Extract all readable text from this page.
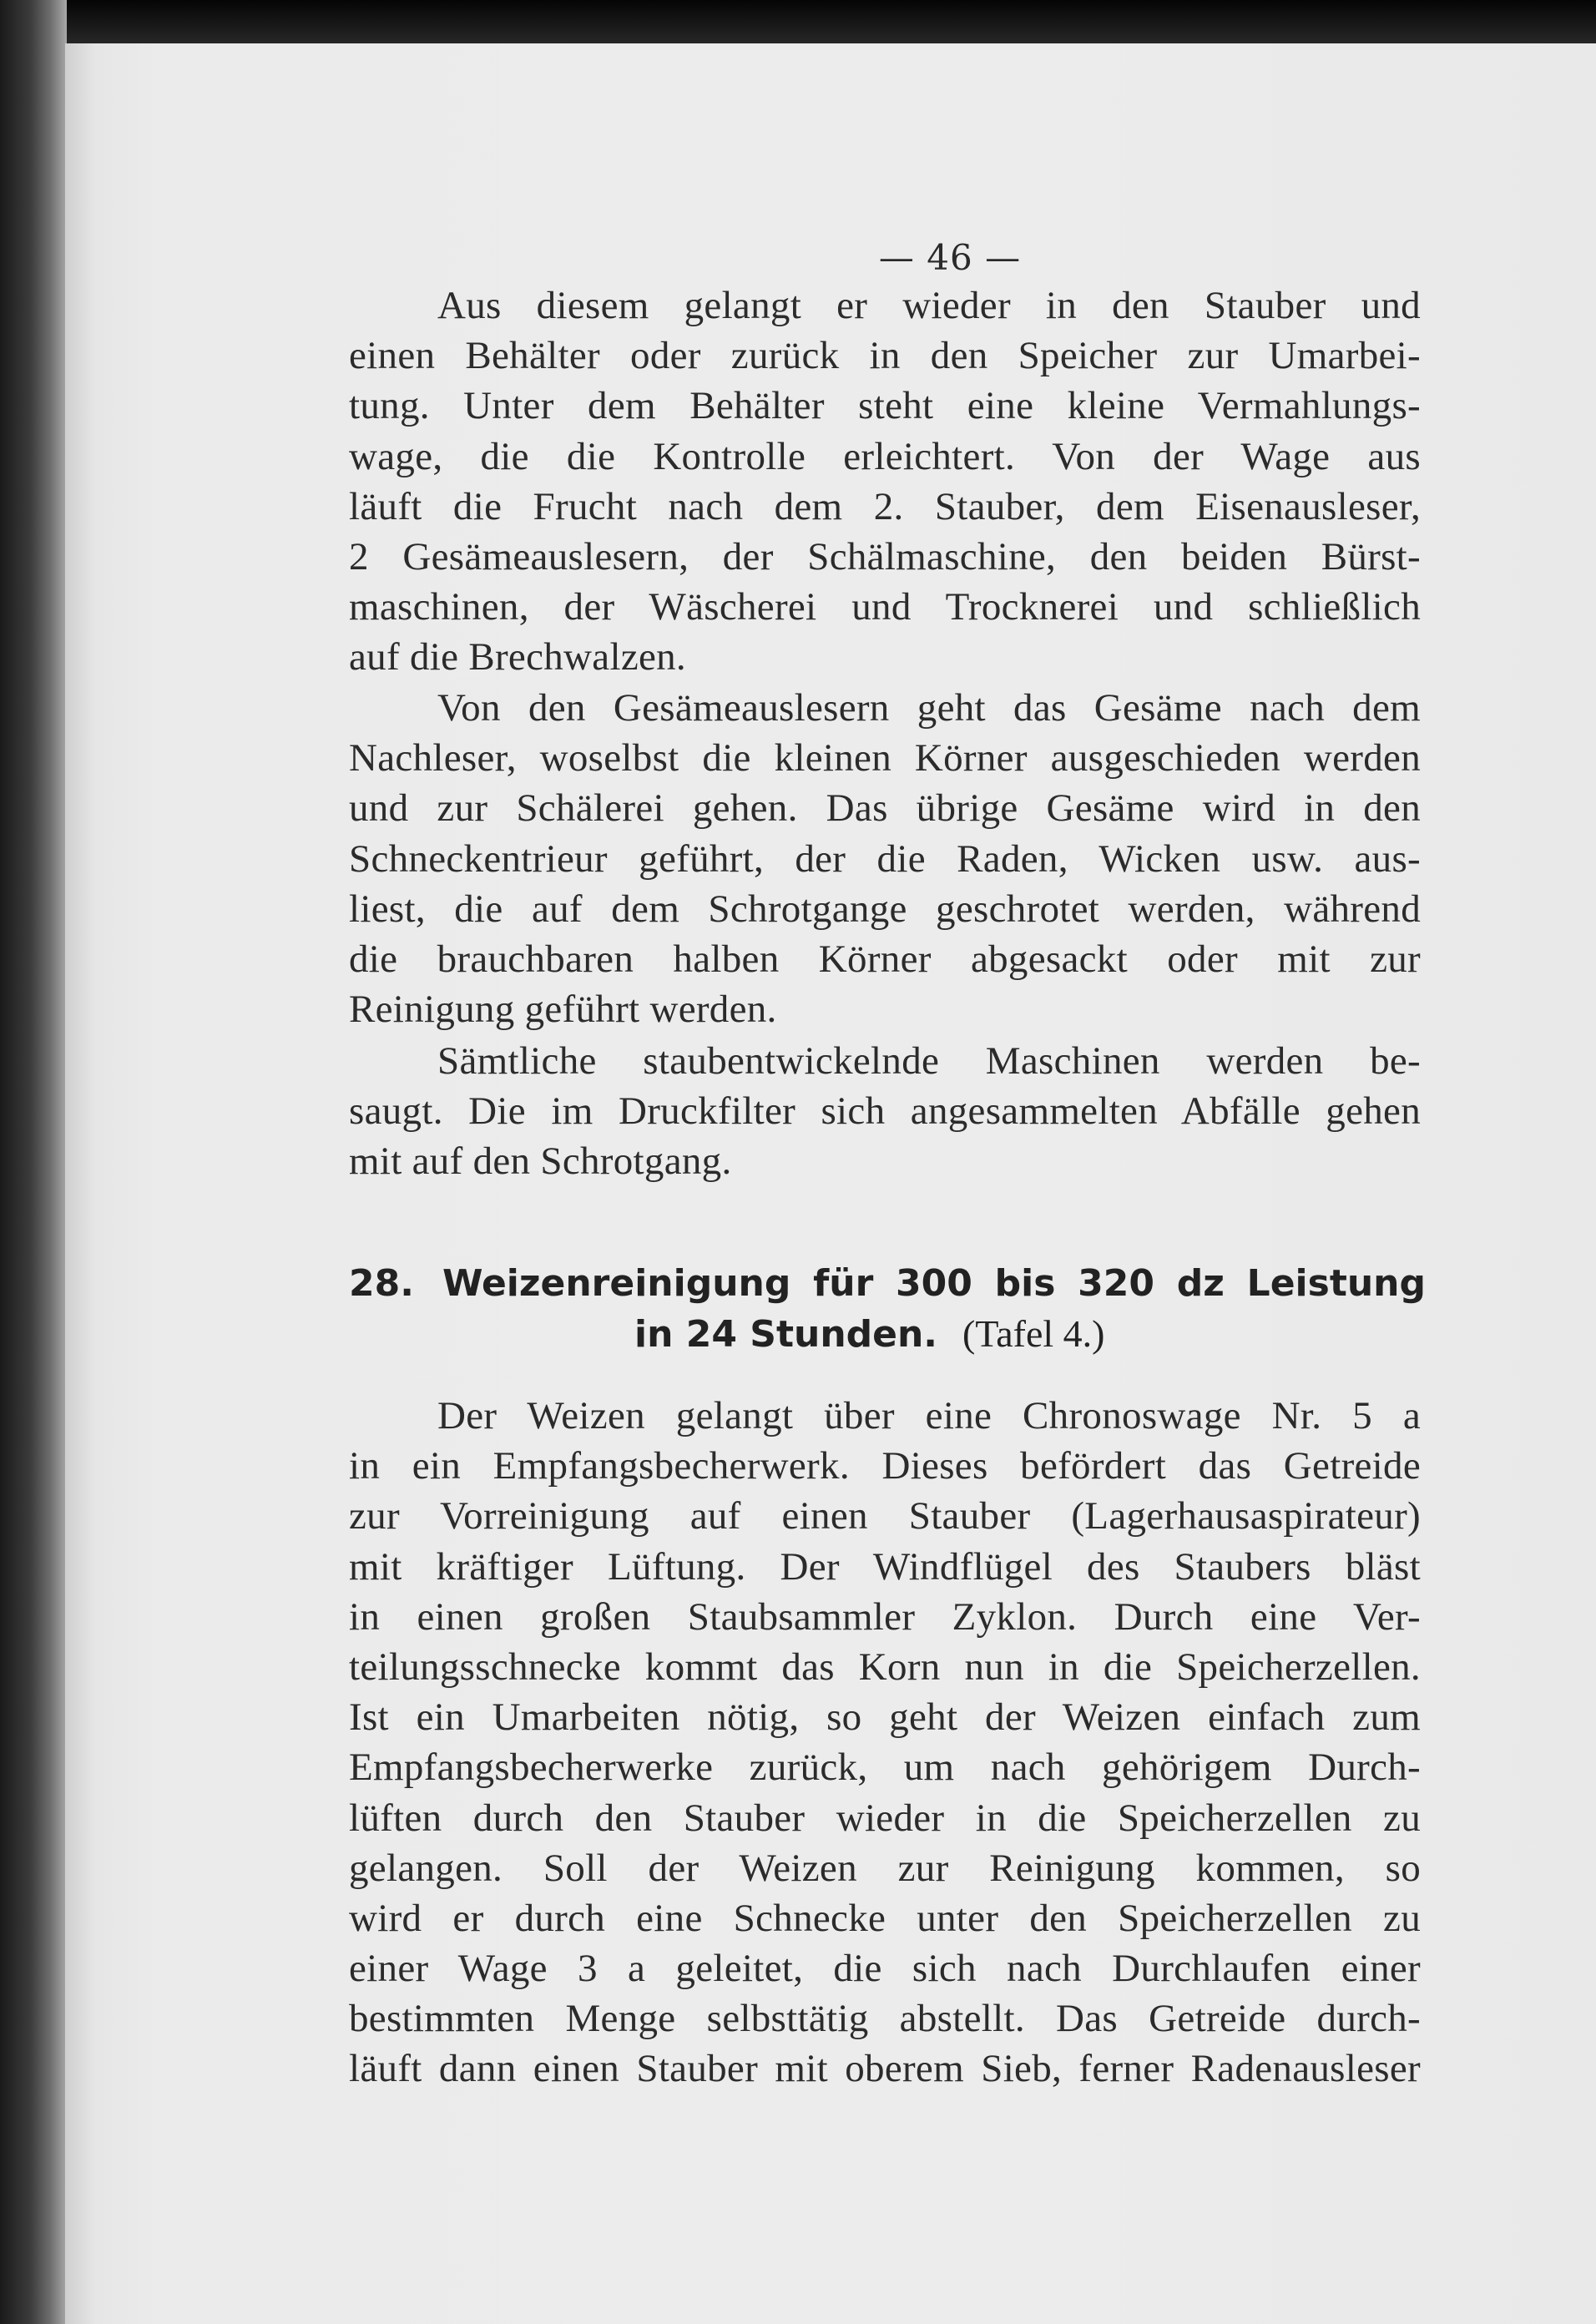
— 46 —
Aus diesem gelangt er wieder in den Stauber und
einen Behälter oder zurück in den Speicher zur Umarbei-
tung. Unter dem Behälter steht eine kleine Vermahlungs-
wage, die die Kontrolle erleichtert. Von der Wage aus
läuft die Frucht nach dem 2. Stauber, dem Eisenausleser,
2 Gesämeauslesern, der Schälmaschine, den beiden Bürst-
maschinen, der Wäscherei und Trocknerei und schließlich
auf die Brechwalzen.
Von den Gesämeauslesern geht das Gesäme nach dem
Nachleser, woselbst die kleinen Körner ausgeschieden werden
und zur Schälerei gehen. Das übrige Gesäme wird in den
Schneckentrieur geführt, der die Raden, Wicken usw. aus-
liest, die auf dem Schrotgange geschrotet werden, während
die brauchbaren halben Körner abgesackt oder mit zur
Reinigung geführt werden.
Sämtliche staubentwickelnde Maschinen werden be-
saugt. Die im Druckfilter sich angesammelten Abfälle gehen
mit auf den Schrotgang.
28. Weizenreinigung für 300 bis 320 dz Leistung
in 24 Stunden. (Tafel 4.)
Der Weizen gelangt über eine Chronoswage Nr. 5 a
in ein Empfangsbecherwerk. Dieses befördert das Getreide
zur Vorreinigung auf einen Stauber (Lagerhausaspirateur)
mit kräftiger Lüftung. Der Windflügel des Staubers bläst
in einen großen Staubsammler Zyklon. Durch eine Ver-
teilungsschnecke kommt das Korn nun in die Speicherzellen.
Ist ein Umarbeiten nötig, so geht der Weizen einfach zum
Empfangsbecherwerke zurück, um nach gehörigem Durch-
lüften durch den Stauber wieder in die Speicherzellen zu
gelangen. Soll der Weizen zur Reinigung kommen, so
wird er durch eine Schnecke unter den Speicherzellen zu
einer Wage 3 a geleitet, die sich nach Durchlaufen einer
bestimmten Menge selbsttätig abstellt. Das Getreide durch-
läuft dann einen Stauber mit oberem Sieb, ferner Radenausleser
